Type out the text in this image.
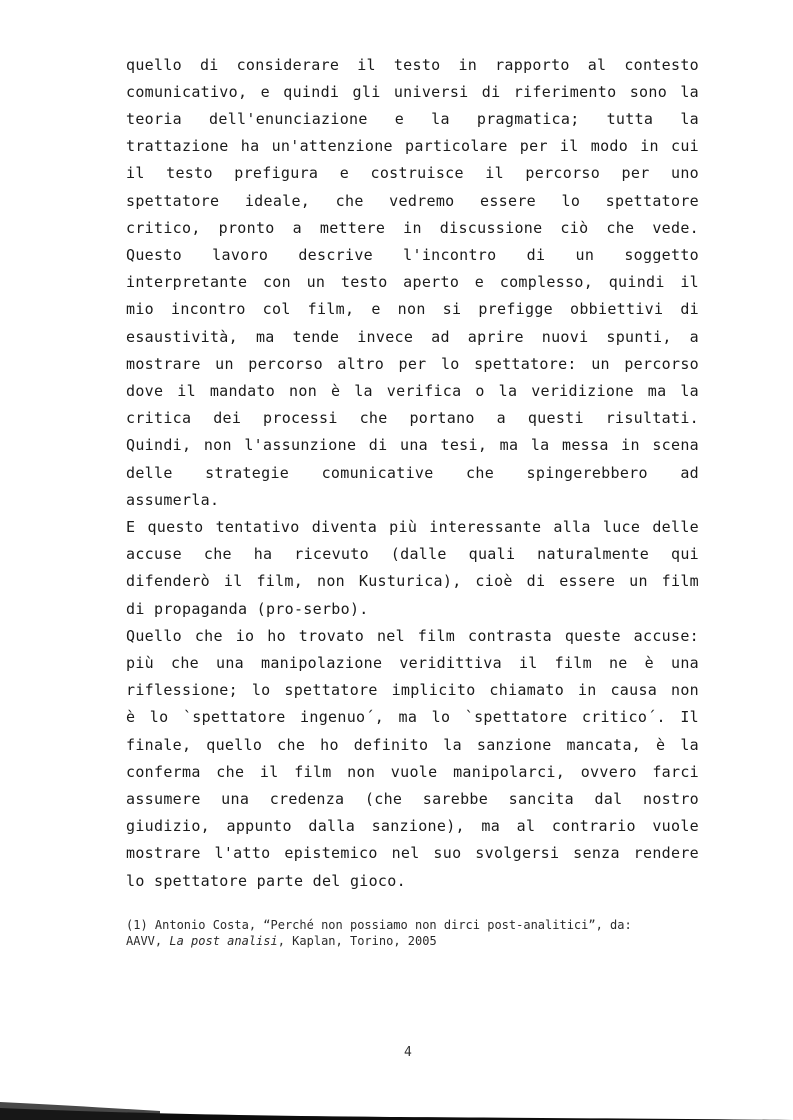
quello di considerare il testo in rapporto al contesto
comunicativo, e quindi gli universi di riferimento sono la
teoria dell'enunciazione e la pragmatica; tutta la
trattazione ha un'attenzione particolare per il modo in cui
il testo prefigura e costruisce il percorso per uno
spettatore ideale, che vedremo essere lo spettatore
critico, pronto a mettere in discussione ciò che vede.
Questo lavoro descrive l'incontro di un soggetto
interpretante con un testo aperto e complesso, quindi il
mio incontro col film, e non si prefigge obbiettivi di
esaustività, ma tende invece ad aprire nuovi spunti, a
mostrare un percorso altro per lo spettatore: un percorso
dove il mandato non è la verifica o la veridizione ma la
critica dei processi che portano a questi risultati.
Quindi, non l'assunzione di una tesi, ma la messa in scena
delle strategie comunicative che spingerebbero ad
assumerla.
E questo tentativo diventa più interessante alla luce delle
accuse che ha ricevuto (dalle quali naturalmente qui
difenderò il film, non Kusturica), cioè di essere un film
di propaganda (pro-serbo).
Quello che io ho trovato nel film contrasta queste accuse:
più che una manipolazione veridittiva il film ne è una
riflessione; lo spettatore implicito chiamato in causa non
è lo `spettatore ingenuo´, ma lo `spettatore critico´. Il
finale, quello che ho definito la sanzione mancata, è la
conferma che il film non vuole manipolarci, ovvero farci
assumere una credenza (che sarebbe sancita dal nostro
giudizio, appunto dalla sanzione), ma al contrario vuole
mostrare l'atto epistemico nel suo svolgersi senza rendere
lo spettatore parte del gioco.
(1) Antonio Costa, “Perché non possiamo non dirci post-analitici”, da:
AAVV, La post analisi, Kaplan, Torino, 2005
4
